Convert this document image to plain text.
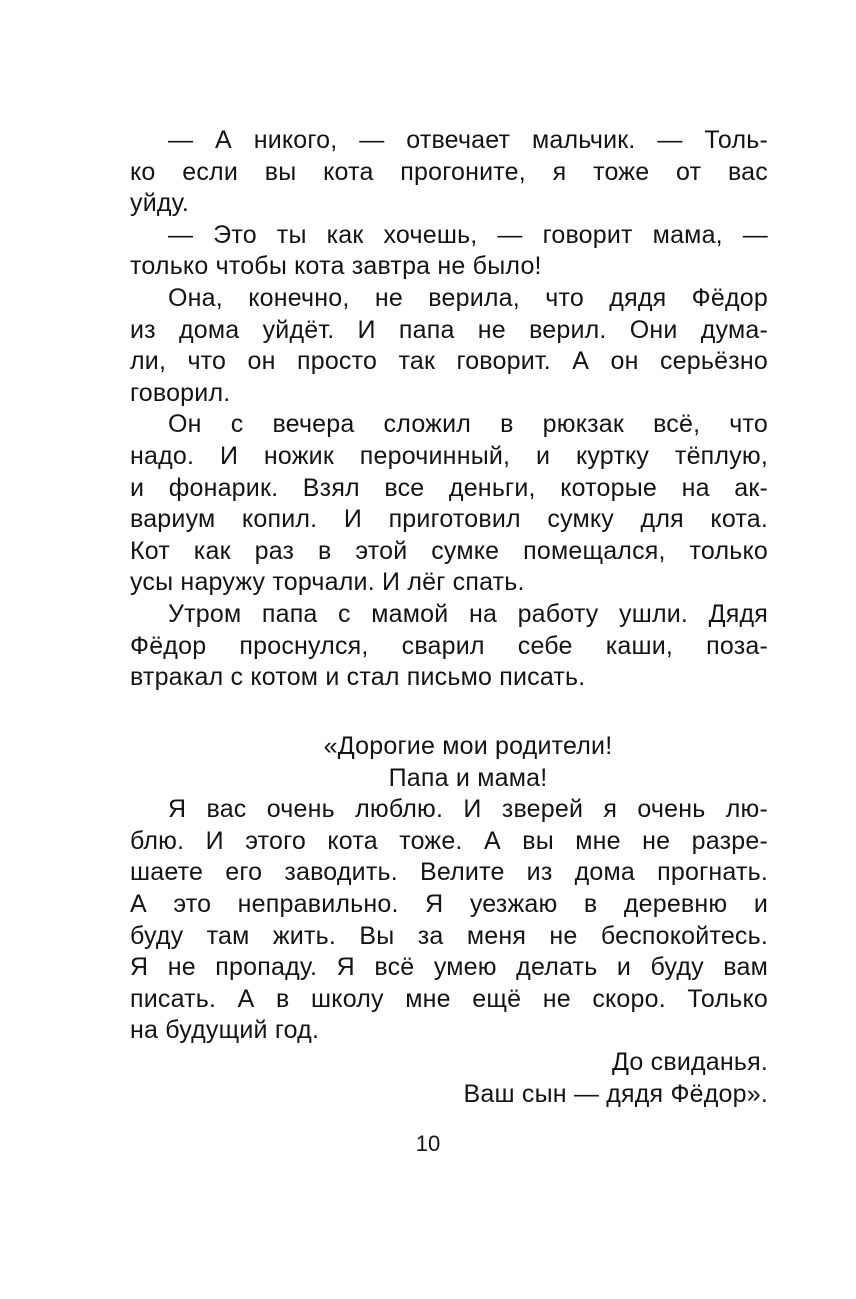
— А никого, — отвечает мальчик. — Толь-
ко если вы кота прогоните, я тоже от вас
уйду.
— Это ты как хочешь, — говорит мама, —
только чтобы кота завтра не было!
Она, конечно, не верила, что дядя Фёдор
из дома уйдёт. И папа не верил. Они дума-
ли, что он просто так говорит. А он серьёзно
говорил.
Он с вечера сложил в рюкзак всё, что
надо. И ножик перочинный, и куртку тёплую,
и фонарик. Взял все деньги, которые на ак-
вариум копил. И приготовил сумку для кота.
Кот как раз в этой сумке помещался, только
усы наружу торчали. И лёг спать.
Утром папа с мамой на работу ушли. Дядя
Фёдор проснулся, сварил себе каши, поза-
втракал с котом и стал письмо писать.
«Дорогие мои родители!
Папа и мама!
Я вас очень люблю. И зверей я очень лю-
блю. И этого кота тоже. А вы мне не разре-
шаете его заводить. Велите из дома прогнать.
А это неправильно. Я уезжаю в деревню и
буду там жить. Вы за меня не беспокойтесь.
Я не пропаду. Я всё умею делать и буду вам
писать. А в школу мне ещё не скоро. Только
на будущий год.
До свиданья.
Ваш сын — дядя Фёдор».
10
